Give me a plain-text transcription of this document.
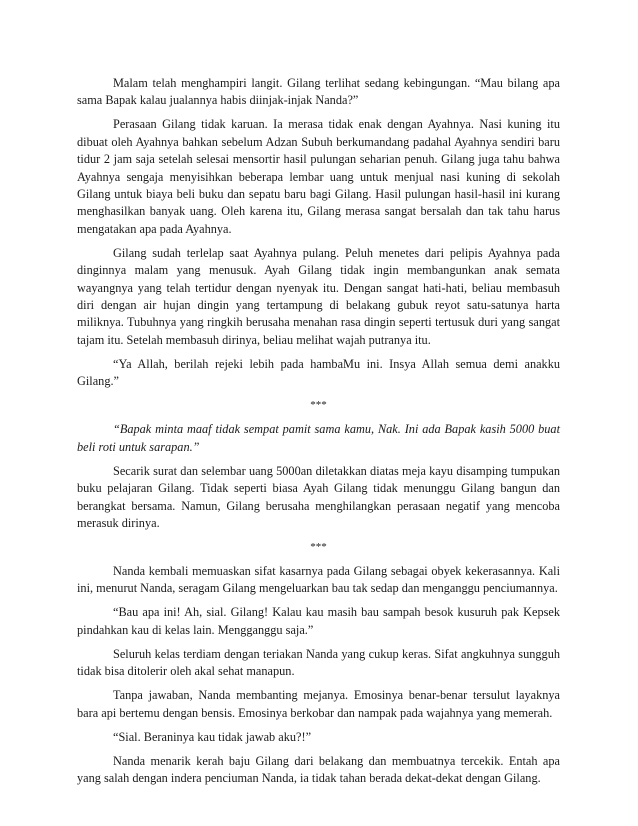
Malam telah menghampiri langit. Gilang terlihat sedang kebingungan. “Mau bilang apa sama Bapak kalau jualannya habis diinjak-injak Nanda?”

Perasaan Gilang tidak karuan. Ia merasa tidak enak dengan Ayahnya. Nasi kuning itu dibuat oleh Ayahnya bahkan sebelum Adzan Subuh berkumandang padahal Ayahnya sendiri baru tidur 2 jam saja setelah selesai mensortir hasil pulungan seharian penuh. Gilang juga tahu bahwa Ayahnya sengaja menyisihkan beberapa lembar uang untuk menjual nasi kuning di sekolah Gilang untuk biaya beli buku dan sepatu baru bagi Gilang. Hasil pulungan hasil-hasil ini kurang menghasilkan banyak uang. Oleh karena itu, Gilang merasa sangat bersalah dan tak tahu harus mengatakan apa pada Ayahnya.

Gilang sudah terlelap saat Ayahnya pulang. Peluh menetes dari pelipis Ayahnya pada dinginnya malam yang menusuk. Ayah Gilang tidak ingin membangunkan anak semata wayangnya yang telah tertidur dengan nyenyak itu. Dengan sangat hati-hati, beliau membasuh diri dengan air hujan dingin yang tertampung di belakang gubuk reyot satu-satunya harta miliknya. Tubuhnya yang ringkih berusaha menahan rasa dingin seperti tertusuk duri yang sangat tajam itu. Setelah membasuh dirinya, beliau melihat wajah putranya itu.

“Ya Allah, berilah rejeki lebih pada hambaMu ini. Insya Allah semua demi anakku Gilang.”

***

“Bapak minta maaf tidak sempat pamit sama kamu, Nak. Ini ada Bapak kasih 5000 buat beli roti untuk sarapan.”

Secarik surat dan selembar uang 5000an diletakkan diatas meja kayu disamping tumpukan buku pelajaran Gilang. Tidak seperti biasa Ayah Gilang tidak menunggu Gilang bangun dan berangkat bersama. Namun, Gilang berusaha menghilangkan perasaan negatif yang mencoba merasuk dirinya.

***

Nanda kembali memuaskan sifat kasarnya pada Gilang sebagai obyek kekerasannya. Kali ini, menurut Nanda, seragam Gilang mengeluarkan bau tak sedap dan menganggu penciumannya.

“Bau apa ini! Ah, sial. Gilang! Kalau kau masih bau sampah besok kusuruh pak Kepsek pindahkan kau di kelas lain. Mengganggu saja.”

Seluruh kelas terdiam dengan teriakan Nanda yang cukup keras. Sifat angkuhnya sungguh tidak bisa ditolerir oleh akal sehat manapun.

Tanpa jawaban, Nanda membanting mejanya. Emosinya benar-benar tersulut layaknya bara api bertemu dengan bensis. Emosinya berkobar dan nampak pada wajahnya yang memerah.

“Sial. Beraninya kau tidak jawab aku?!”

Nanda menarik kerah baju Gilang dari belakang dan membuatnya tercekik. Entah apa yang salah dengan indera penciuman Nanda, ia tidak tahan berada dekat-dekat dengan Gilang.
